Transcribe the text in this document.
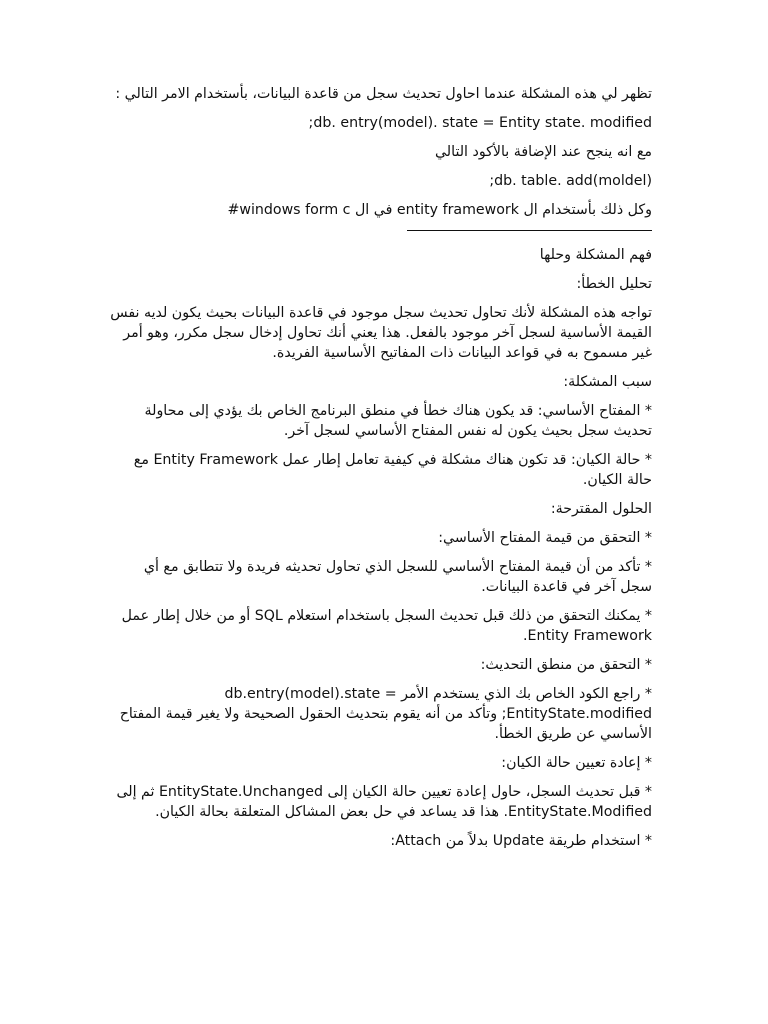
تظهر لي هذه المشكلة عندما احاول تحديث سجل من قاعدة البيانات، بأستخدام الامر التالي :

;db. entry(model). state = Entity state. modified

مع انه ينجح عند الإضافة بالأكود التالي

;db. table. add(moldel)

وكل ذلك بأستخدام ال entity framework في ال windows form c#

فهم المشكلة وحلها

تحليل الخطأ:

تواجه هذه المشكلة لأنك تحاول تحديث سجل موجود في قاعدة البيانات بحيث يكون لديه نفس القيمة الأساسية لسجل آخر موجود بالفعل. هذا يعني أنك تحاول إدخال سجل مكرر، وهو أمر غير مسموح به في قواعد البيانات ذات المفاتيح الأساسية الفريدة.

سبب المشكلة:

* المفتاح الأساسي: قد يكون هناك خطأ في منطق البرنامج الخاص بك يؤدي إلى محاولة تحديث سجل بحيث يكون له نفس المفتاح الأساسي لسجل آخر.

* حالة الكيان: قد تكون هناك مشكلة في كيفية تعامل إطار عمل Entity Framework مع حالة الكيان.

الحلول المقترحة:

* التحقق من قيمة المفتاح الأساسي:

* تأكد من أن قيمة المفتاح الأساسي للسجل الذي تحاول تحديثه فريدة ولا تتطابق مع أي سجل آخر في قاعدة البيانات.

* يمكنك التحقق من ذلك قبل تحديث السجل باستخدام استعلام SQL أو من خلال إطار عمل Entity Framework.

* التحقق من منطق التحديث:

* راجع الكود الخاص بك الذي يستخدم الأمر db.entry(model).state = EntityState.modified; وتأكد من أنه يقوم بتحديث الحقول الصحيحة ولا يغير قيمة المفتاح الأساسي عن طريق الخطأ.

* إعادة تعيين حالة الكيان:

* قبل تحديث السجل، حاول إعادة تعيين حالة الكيان إلى EntityState.Unchanged ثم إلى EntityState.Modified. هذا قد يساعد في حل بعض المشاكل المتعلقة بحالة الكيان.

* استخدام طريقة Update بدلاً من Attach:
